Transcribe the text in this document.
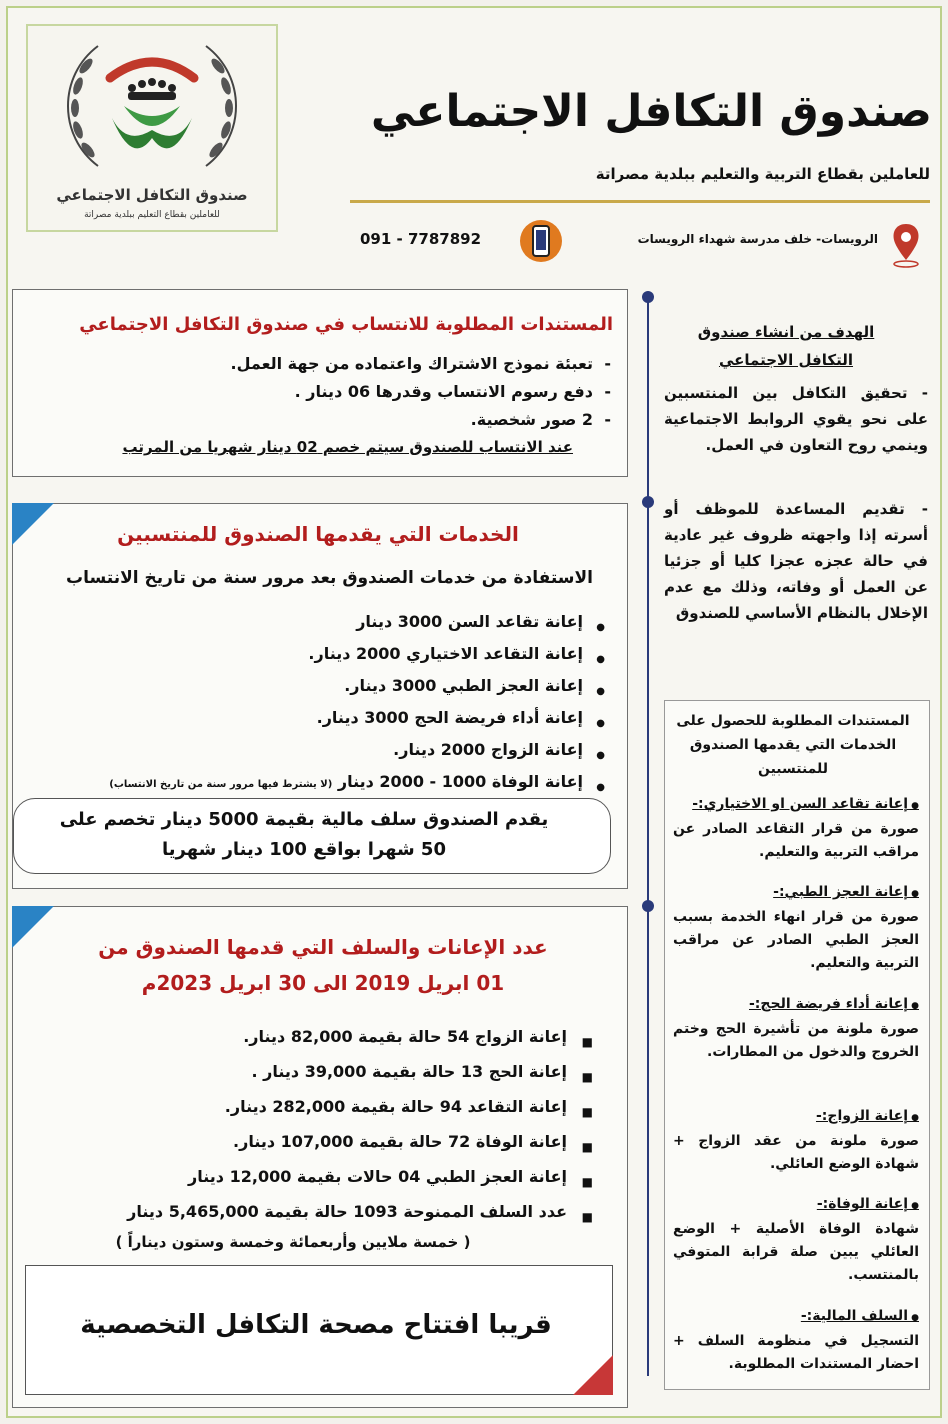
صندوق التكافل الاجتماعي
للعاملين بقطاع التعليم ببلدية مصراتة
صندوق التكافل الاجتماعي
للعاملين بقطاع التربية والتعليم ببلدية مصراتة
091 - 7787892	الرويسات- خلف مدرسة شهداء الرويسات
المستندات المطلوبة للانتساب في صندوق التكافل الاجتماعي
- تعبئة نموذج الاشتراك واعتماده من جهة العمل.
- دفع رسوم الانتساب وقدرها 06 دينار .
- 2 صور شخصية.
عند الانتساب للصندوق سيتم خصم 02 دينار شهريا من المرتب
الخدمات التي يقدمها الصندوق للمنتسبين
الاستفادة من خدمات الصندوق بعد مرور سنة من تاريخ الانتساب
● إعانة تقاعد السن 3000 دينار
● إعانة التقاعد الاختياري 2000 دينار.
● إعانة العجز الطبي 3000 دينار.
● إعانة أداء فريضة الحج 3000 دينار.
● إعانة الزواج 2000 دينار.
● إعانة الوفاة 1000 - 2000 دينار (لا يشترط فيها مرور سنة من تاريخ الانتساب)
يقدم الصندوق سلف مالية بقيمة 5000 دينار تخصم على
50 شهرا بواقع 100 دينار شهريا
عدد الإعانات والسلف التي قدمها الصندوق من
01 ابريل 2019 الى 30 ابريل 2023م
■ إعانة الزواج 54 حالة بقيمة 82,000 دينار.
■ إعانة الحج 13 حالة بقيمة 39,000 دينار .
■ إعانة التقاعد 94 حالة بقيمة 282,000 دينار.
■ إعانة الوفاة 72 حالة بقيمة 107,000 دينار.
■ إعانة العجز الطبي 04 حالات بقيمة 12,000 دينار
■ عدد السلف الممنوحة 1093 حالة بقيمة 5,465,000 دينار
( خمسة ملايين وأربعمائة وخمسة وستون ديناراً )
قريبا افتتاح مصحة التكافل التخصصية
الهدف من انشاء صندوق
التكافل الاجتماعي
- تحقيق التكافل بين المنتسبين على نحو يقوي الروابط الاجتماعية وينمي روح التعاون في العمل.
- تقديم المساعدة للموظف أو أسرته إذا واجهته ظروف غير عادية في حالة عجزه عجزا كليا أو جزئيا عن العمل أو وفاته، وذلك مع عدم الإخلال بالنظام الأساسي للصندوق
المستندات المطلوبة للحصول على الخدمات التي يقدمها الصندوق للمنتسبين
● إعانة تقاعد السن او الاختياري:-
صورة من قرار التقاعد الصادر عن مراقب التربية والتعليم.
● إعانة العجز الطبي:-
صورة من قرار انهاء الخدمة بسبب العجز الطبي الصادر عن مراقب التربية والتعليم.
● إعانة أداء فريضة الحج:-
صورة ملونة من تأشيرة الحج وختم الخروج والدخول من المطارات.
● إعانة الزواج:-
صورة ملونة من عقد الزواج + شهادة الوضع العائلي.
● إعانة الوفاة:-
شهادة الوفاة الأصلية + الوضع العائلي يبين صلة قرابة المتوفي بالمنتسب.
● السلف المالية:-
التسجيل في منظومة السلف + احضار المستندات المطلوبة.
